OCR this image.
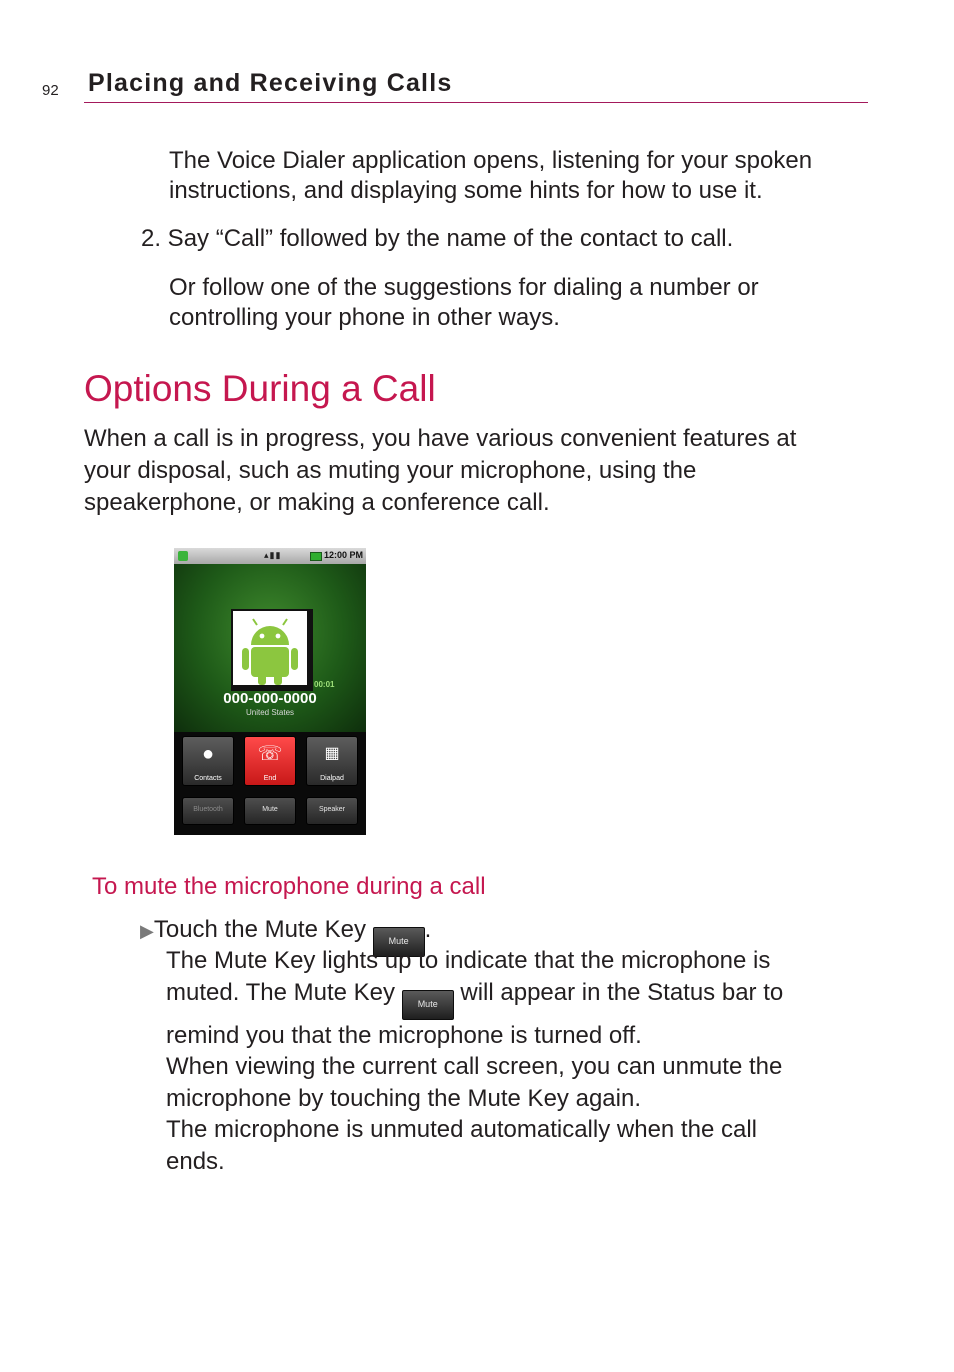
92 Placing and Receiving Calls

The Voice Dialer application opens, listening for your spoken
instructions, and displaying some hints for how to use it.

2. Say “Call” followed by the name of the contact to call.

Or follow one of the suggestions for dialing a number or
controlling your phone in other ways.

Options During a Call

When a call is in progress, you have various convenient features at
your disposal, such as muting your microphone, using the
speakerphone, or making a conference call.

▴▮▮	12:00 PM
00:01
000-000-0000
United States
●
Contacts
☏
End
▦
Dialpad
Bluetooth	Mute	Speaker
To mute the microphone during a call

▶Touch the Mute Key	Mute .

The Mute Key lights up to indicate that the microphone is
muted. The Mute Key	Mute will appear in the Status bar to
remind you that the microphone is turned off.
When viewing the current call screen, you can unmute the
microphone by touching the Mute Key again.
The microphone is unmuted automatically when the call
ends.
